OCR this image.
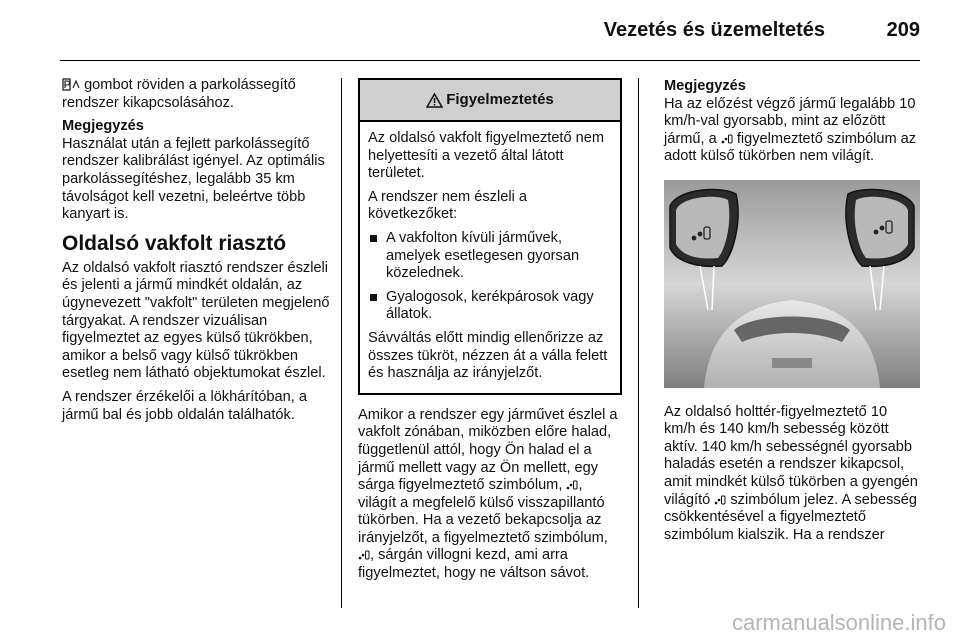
Vezetés és üzemeltetés	209

gombot röviden a parkolássegítő rendszer kikapcsolásához.

Megjegyzés
Használat után a fejlett parkolássegítő rendszer kalibrálást igényel. Az optimális parkolássegítéshez, legalább 35 km távolságot kell vezetni, beleértve több kanyart is.

Oldalsó vakfolt riasztó

Az oldalsó vakfolt riasztó rendszer észleli és jelenti a jármű mindkét oldalán, az úgynevezett "vakfolt" területen megjelenő tárgyakat. A rendszer vizuálisan figyelmeztet az egyes külső tükrökben, amikor a belső vagy külső tükrökben esetleg nem látható objektumokat észlel.

A rendszer érzékelői a lökhárítóban, a jármű bal és jobb oldalán találhatók.

Figyelmeztetés

Az oldalsó vakfolt figyelmeztető nem helyettesíti a vezető által látott területet.

A rendszer nem észleli a következőket:

A vakfolton kívüli járművek, amelyek esetlegesen gyorsan közelednek.
Gyalogosok, kerékpárosok vagy állatok.

Sávváltás előtt mindig ellenőrizze az összes tükröt, nézzen át a válla felett és használja az irányjelzőt.

Amikor a rendszer egy járművet észlel a vakfolt zónában, miközben előre halad, függetlenül attól, hogy Ön halad el a jármű mellett vagy az Ön mellett, egy sárga figyelmeztető szimbólum, , világít a megfelelő külső visszapillantó tükörben. Ha a vezető bekapcsolja az irányjelzőt, a figyelmeztető szimbólum, , sárgán villogni kezd, ami arra figyelmeztet, hogy ne váltson sávot.

Megjegyzés
Ha az előzést végző jármű legalább 10 km/h-val gyorsabb, mint az előzött jármű, a figyelmeztető szimbólum az adott külső tükörben nem világít.

Az oldalsó holttér-figyelmeztető 10 km/h és 140 km/h sebesség között aktív. 140 km/h sebességnél gyorsabb haladás esetén a rendszer kikapcsol, amit mindkét külső tükörben a gyengén világító szimbólum jelez. A sebesség csökkentésével a figyelmeztető szimbólum kialszik. Ha a rendszer

carmanualsonline.info
